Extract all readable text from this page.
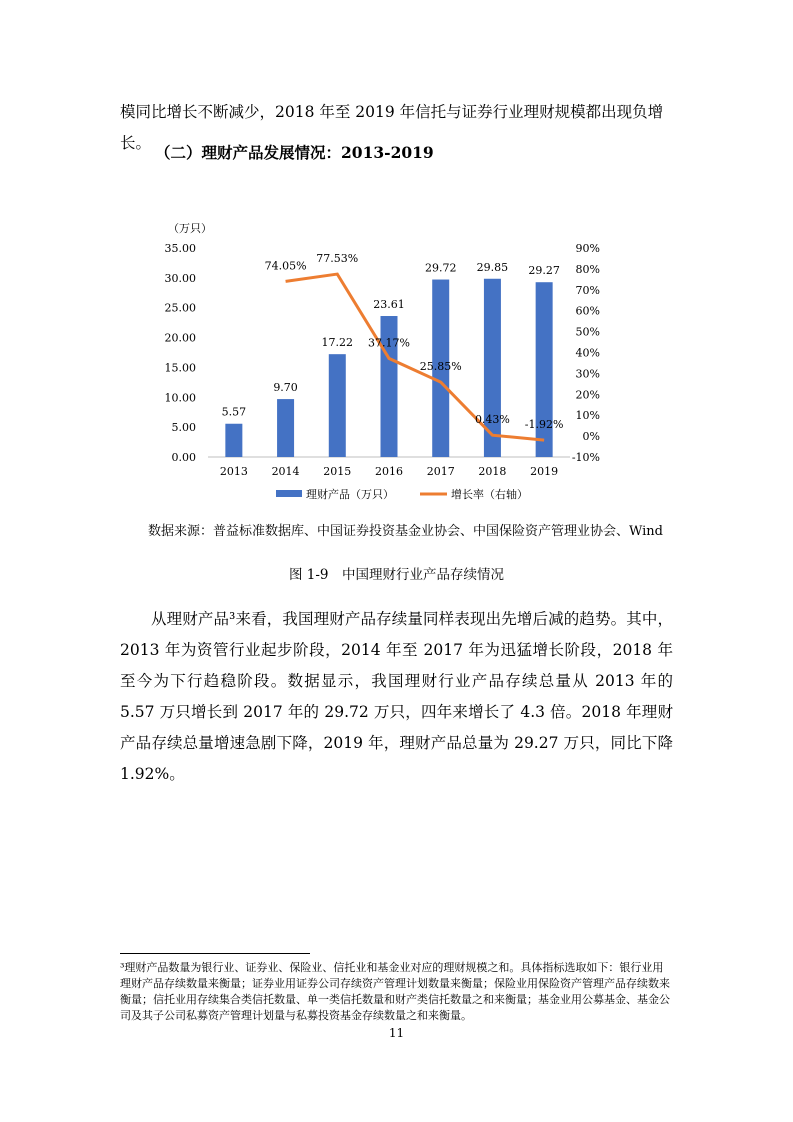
模同比增长不断减少，2018 年至 2019 年信托与证券行业理财规模都出现负增长。 （二）理财产品发展情况：2013-2019

（万只）
0.00
5.00
10.00
15.00
20.00
25.00
30.00
35.00
-10%
0%
10%
20%
30%
40%
50%
60%
70%
80%
90%
2013 2014 2015 2016 2017 2018 2019
5.57
9.70
17.22
23.61
29.72 29.85 29.27
74.05%
77.53%
37.17%
25.85%
0.43% -1.92%
理财产品（万只）	增长率（右轴）

数据来源：普益标准数据库、中国证券投资基金业协会、中国保险资产管理业协会、Wind

图 1-9　中国理财行业产品存续情况

从理财产品³来看，我国理财产品存续量同样表现出先增后减的趋势。其中，2013 年为资管行业起步阶段，2014 年至 2017 年为迅猛增长阶段，2018 年至今为下行趋稳阶段。数据显示，我国理财行业产品存续总量从 2013 年的 5.57 万只增长到 2017 年的 29.72 万只，四年来增长了 4.3 倍。2018 年理财产品存续总量增速急剧下降，2019 年，理财产品总量为 29.27 万只，同比下降 1.92%。

³理财产品数量为银行业、证券业、保险业、信托业和基金业对应的理财规模之和。具体指标选取如下：银行业用理财产品存续数量来衡量；证券业用证券公司存续资产管理计划数量来衡量；保险业用保险资产管理产品存续数来衡量；信托业用存续集合类信托数量、单一类信托数量和财产类信托数量之和来衡量；基金业用公募基金、基金公司及其子公司私募资产管理计划量与私募投资基金存续数量之和来衡量。

11
